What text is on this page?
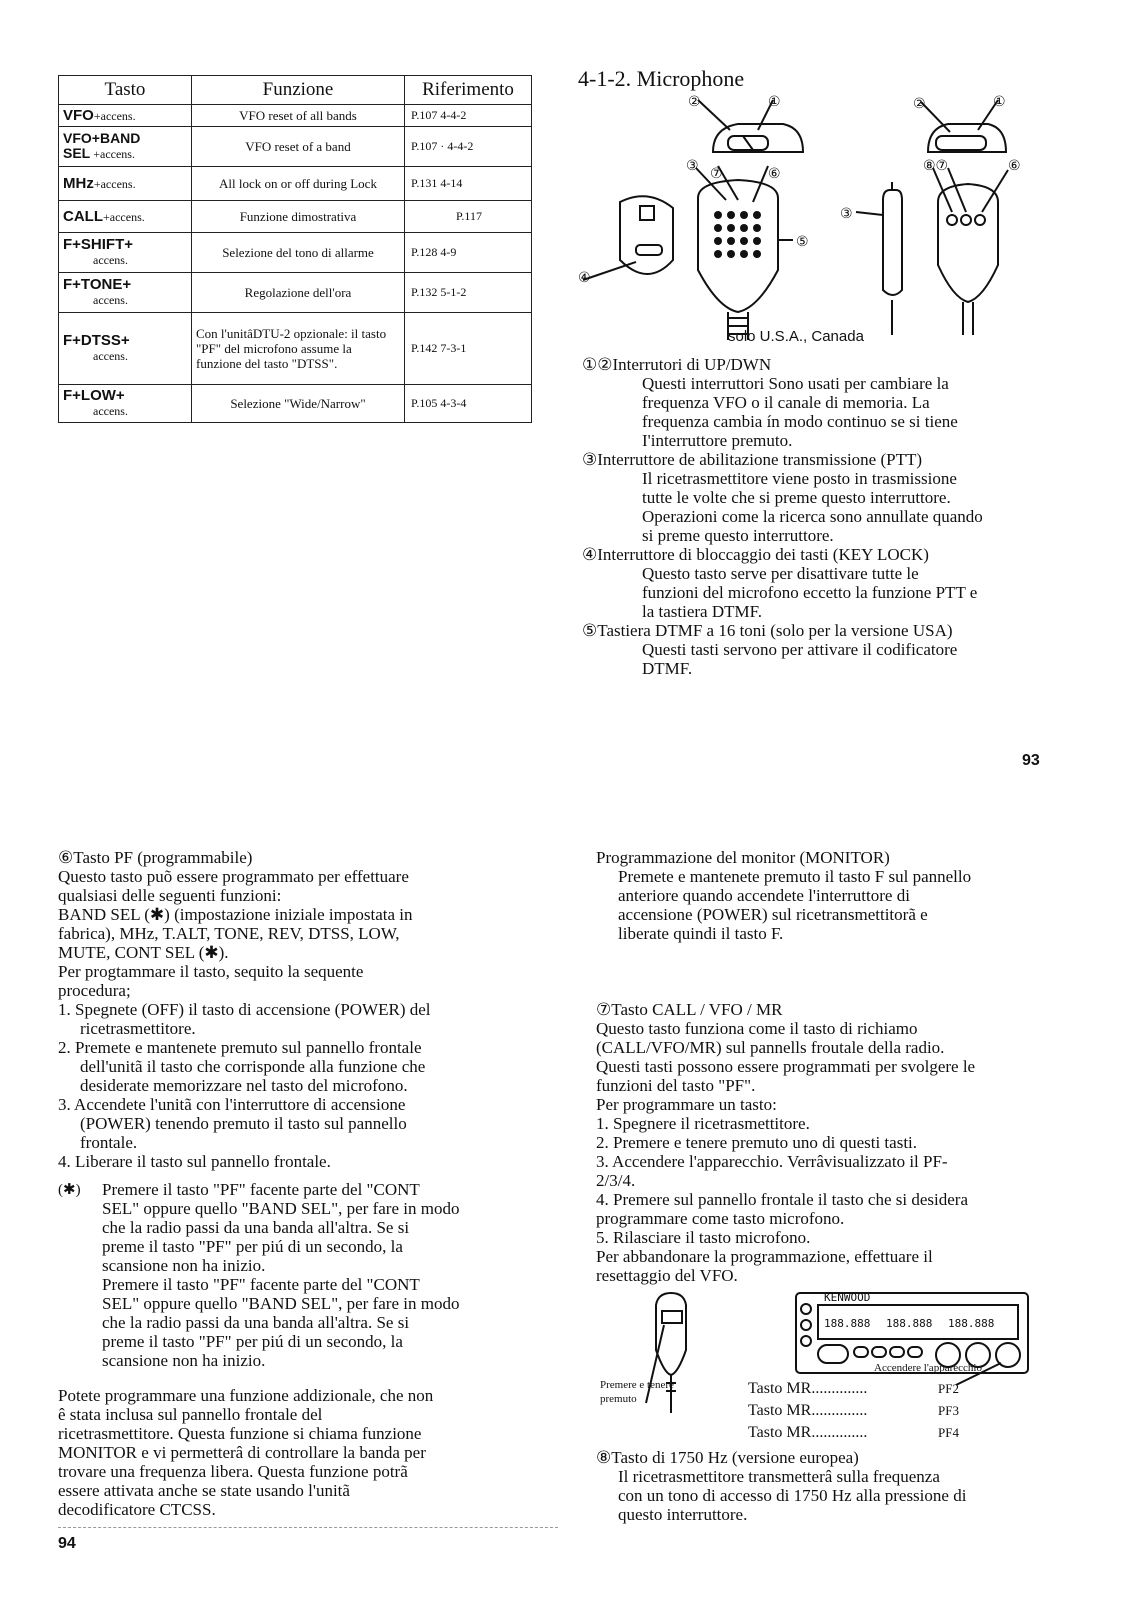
Tasto	Funzione	Riferimento
VFO+accens.	VFO reset of all bands	P.107 4-4-2
VFO+BAND
SEL +accens.	VFO reset of a band	P.107 · 4-4-2
MHz+accens.	All lock on or off during Lock	P.131 4-14
CALL+accens.	Funzione dimostrativa	P.117
F+SHIFT+
accens.	Selezione del tono di allarme	P.128 4-9
F+TONE+
accens.	Regolazione dell'ora	P.132 5-1-2
F+DTSS+
accens.	Con l'unitâDTU-2 opzionale: il tasto "PF" del microfono assume la funzione del tasto "DTSS".	P.142 7-3-1
F+LOW+
accens.	Selezione "Wide/Narrow"	P.105 4-3-4
4-1-2. Microphone
②	①	②	①
③ ⑦	⑥	⑧⑦	⑥
③
⑤
④
solo U.S.A., Canada
①②Interrutori di UP/DWN
Questi interruttori Sono usati per cambiare la
frequenza VFO o il canale di memoria. La
frequenza cambia ín modo continuo se si tiene
I'interruttore premuto.
③Interruttore de abilitazione transmissione (PTT)
Il ricetrasmettitore viene posto in trasmissione
tutte le volte che si preme questo interruttore.
Operazioni come la ricerca sono annullate quando
si preme questo interruttore.
④Interruttore di bloccaggio dei tasti (KEY LOCK)
Questo tasto serve per disattivare tutte le
funzioni del microfono eccetto la funzione PTT e
la tastiera DTMF.
⑤Tastiera DTMF a 16 toni (solo per la versione USA)
Questi tasti servono per attivare il codificatore
DTMF.
93
⑥Tasto PF (programmabile)
Questo tasto puõ essere programmato per effettuare
qualsiasi delle seguenti funzioni:
BAND SEL (✱) (impostazione iniziale impostata in
fabrica), MHz, T.ALT, TONE, REV, DTSS, LOW,
MUTE, CONT SEL (✱).
Per progtammare il tasto, sequito la sequente
procedura;
1. Spegnete (OFF) il tasto di accensione (POWER) del
ricetrasmettitore.
2. Premete e mantenete premuto sul pannello frontale
dell'unitã il tasto che corrisponde alla funzione che
desiderate memorizzare nel tasto del microfono.
3. Accendete l'unitã con l'interruttore di accensione
(POWER) tenendo premuto il tasto sul pannello
frontale.
4. Liberare il tasto sul pannello frontale.
(✱) Premere il tasto "PF" facente parte del "CONT
SEL" oppure quello "BAND SEL", per fare in modo
che la radio passi da una banda all'altra. Se si
preme il tasto "PF" per piú di un secondo, la
scansione non ha inizio.
Premere il tasto "PF" facente parte del "CONT
SEL" oppure quello "BAND SEL", per fare in modo
che la radio passi da una banda all'altra. Se si
preme il tasto "PF" per piú di un secondo, la
scansione non ha inizio.
Potete programmare una funzione addizionale, che non
ê stata inclusa sul pannello frontale del
ricetrasmettitore. Questa funzione si chiama funzione
MONITOR e vi permetterâ di controllare la banda per
trovare una frequenza libera. Questa funzione potrã
essere attivata anche se state usando l'unitã
decodificatore CTCSS.
94
Programmazione del monitor (MONITOR)
Premete e mantenete premuto il tasto F sul pannello
anteriore quando accendete l'interruttore di
accensione (POWER) sul ricetransmettitorã e
liberate quindi il tasto F.
⑦Tasto CALL / VFO / MR
Questo tasto funziona come il tasto di richiamo
(CALL/VFO/MR) sul pannells froutale della radio.
Questi tasti possono essere programmati per svolgere le
funzioni del tasto "PF".
Per programmare un tasto:
1. Spegnere il ricetrasmettitore.
2. Premere e tenere premuto uno di questi tasti.
3. Accendere l'apparecchio. Verrâvisualizzato il PF-
2/3/4.
4. Premere sul pannello frontale il tasto che si desidera
programmare come tasto microfono.
5. Rilasciare il tasto microfono.
Per abbandonare la programmazione, effettuare il
resettaggio del VFO.
KENWOOD
188.888 188.888 188.888
Premere e tenere
premuto
Accendere l'apparecchio
Tasto MR..............	PF2
Tasto MR..............	PF3
Tasto MR..............	PF4
⑧Tasto di 1750 Hz (versione europea)
Il ricetrasmettitore transmetterâ sulla frequenza
con un tono di accesso di 1750 Hz alla pressione di
questo interruttore.
